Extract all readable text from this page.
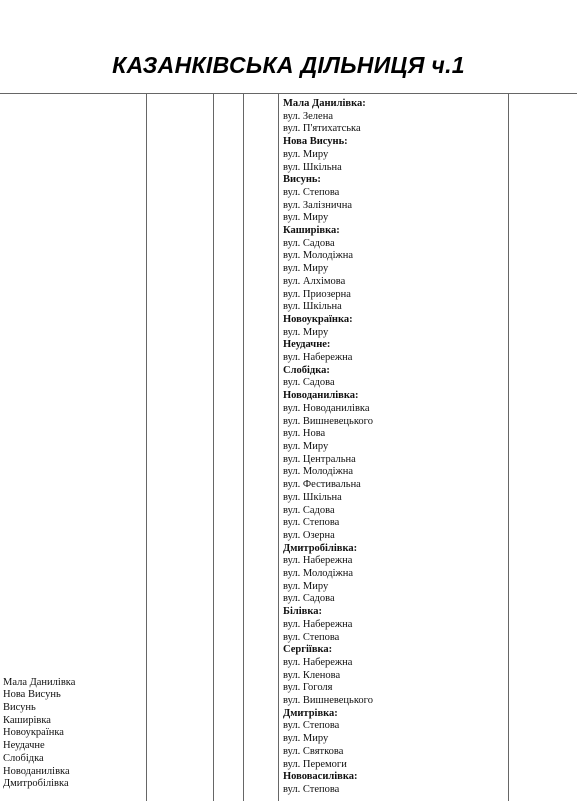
КАЗАНКІВСЬКА ДІЛЬНИЦЯ ч.1
Мала Данилівка
Нова Висунь
Висунь
Каширівка
Новоукраїнка
Неудачне
Слобідка
Новоданилівка
Дмитробілівка
Мала Данилівка:
вул. Зелена
вул. П'ятихатська
Нова Висунь:
вул. Миру
вул. Шкільна
Висунь:
вул. Степова
вул. Залізнична
вул. Миру
Каширівка:
вул. Садова
вул. Молодіжна
вул. Миру
вул. Алхімова
вул. Приозерна
вул. Шкільна
Новоукраїнка:
вул. Миру
Неудачне:
вул. Набережна
Слобідка:
вул. Садова
Новоданилівка:
вул. Новоданилівка
вул. Вишневецького
вул. Нова
вул. Миру
вул. Центральна
вул. Молодіжна
вул. Фестивальна
вул. Шкільна
вул. Садова
вул. Степова
вул. Озерна
Дмитробілівка:
вул. Набережна
вул. Молодіжна
вул. Миру
вул. Садова
Білівка:
вул. Набережна
вул. Степова
Сергіївка:
вул. Набережна
вул. Кленова
вул. Гоголя
вул. Вишневецького
Дмитрівка:
вул. Степова
вул. Миру
вул. Святкова
вул. Перемоги
Нововасилівка:
вул. Степова
